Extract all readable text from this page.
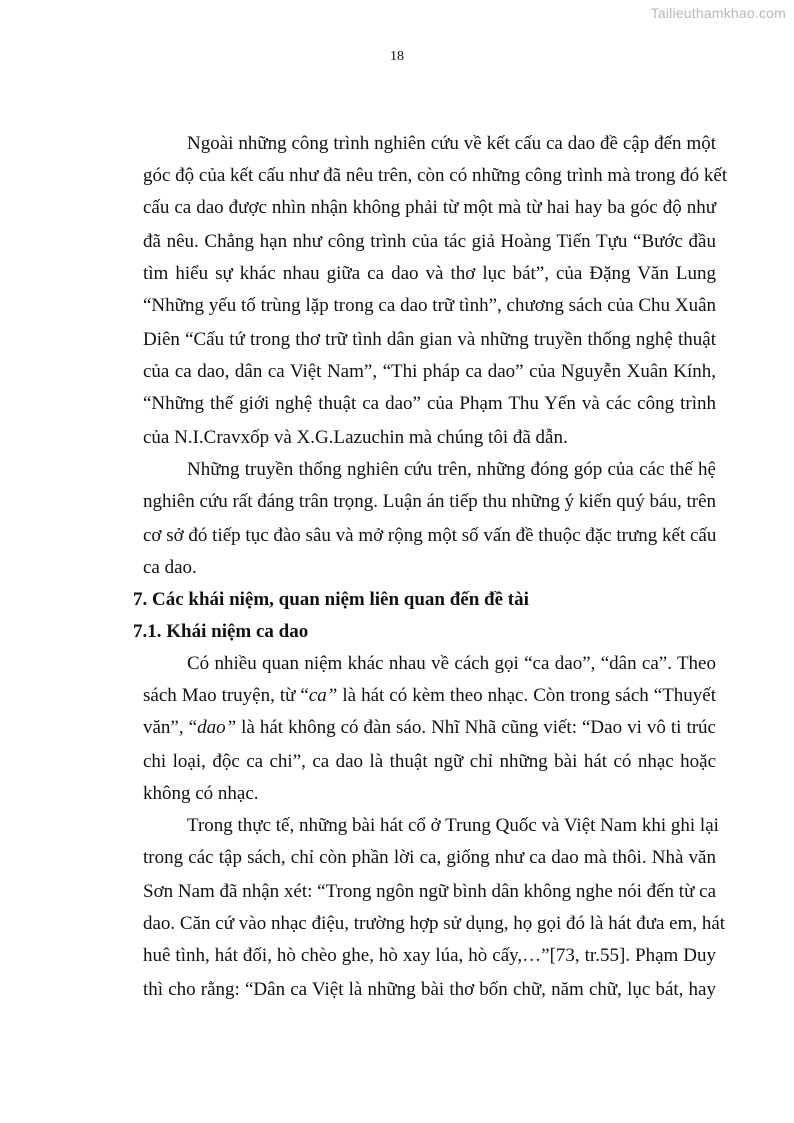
Tailieuthamkhao.com
18
Ngoài những công trình nghiên cứu về kết cấu ca dao đề cập đến một
góc độ của kết cấu như đã nêu trên, còn có những công trình mà trong đó kết
cấu ca dao được nhìn nhận không phải từ một mà từ hai hay ba góc độ như
đã nêu. Chẳng hạn như công trình của tác giả Hoàng Tiến Tựu “Bước đầu
tìm hiểu sự khác nhau giữa ca dao và thơ lục bát”, của Đặng Văn Lung
“Những yếu tố trùng lặp trong ca dao trữ tình”, chương sách của Chu Xuân
Diên “Cấu tứ trong thơ trữ tình dân gian và những truyền thống nghệ thuật
của ca dao, dân ca Việt Nam”, “Thi pháp ca dao” của Nguyễn Xuân Kính,
“Những thế giới nghệ thuật ca dao” của Phạm Thu Yến và các công trình
của N.I.Cravxốp và X.G.Lazuchin mà chúng tôi đã dẫn.
Những truyền thống nghiên cứu trên, những đóng góp của các thế hệ
nghiên cứu rất đáng trân trọng. Luận án tiếp thu những ý kiến quý báu, trên
cơ sở đó tiếp tục đào sâu và mở rộng một số vấn đề thuộc đặc trưng kết cấu
ca dao.
7. Các khái niệm, quan niệm liên quan đến đề tài
7.1. Khái niệm ca dao
Có nhiều quan niệm khác nhau về cách gọi “ca dao”, “dân ca”. Theo
sách Mao truyện, từ “ca” là hát có kèm theo nhạc. Còn trong sách “Thuyết
văn”, “dao” là hát không có đàn sáo. Nhĩ Nhã cũng viết: “Dao vi vô ti trúc
chi loại, độc ca chi”, ca dao là thuật ngữ chỉ những bài hát có nhạc hoặc
không có nhạc.
Trong thực tế, những bài hát cổ ở Trung Quốc và Việt Nam khi ghi lại
trong các tập sách, chỉ còn phần lời ca, giống như ca dao mà thôi. Nhà văn
Sơn Nam đã nhận xét: “Trong ngôn ngữ bình dân không nghe nói đến từ ca
dao. Căn cứ vào nhạc điệu, trường hợp sử dụng, họ gọi đó là hát đưa em, hát
huê tình, hát đối, hò chèo ghe, hò xay lúa, hò cấy,…”[73, tr.55]. Phạm Duy
thì cho rằng: “Dân ca Việt là những bài thơ bốn chữ, năm chữ, lục bát, hay
